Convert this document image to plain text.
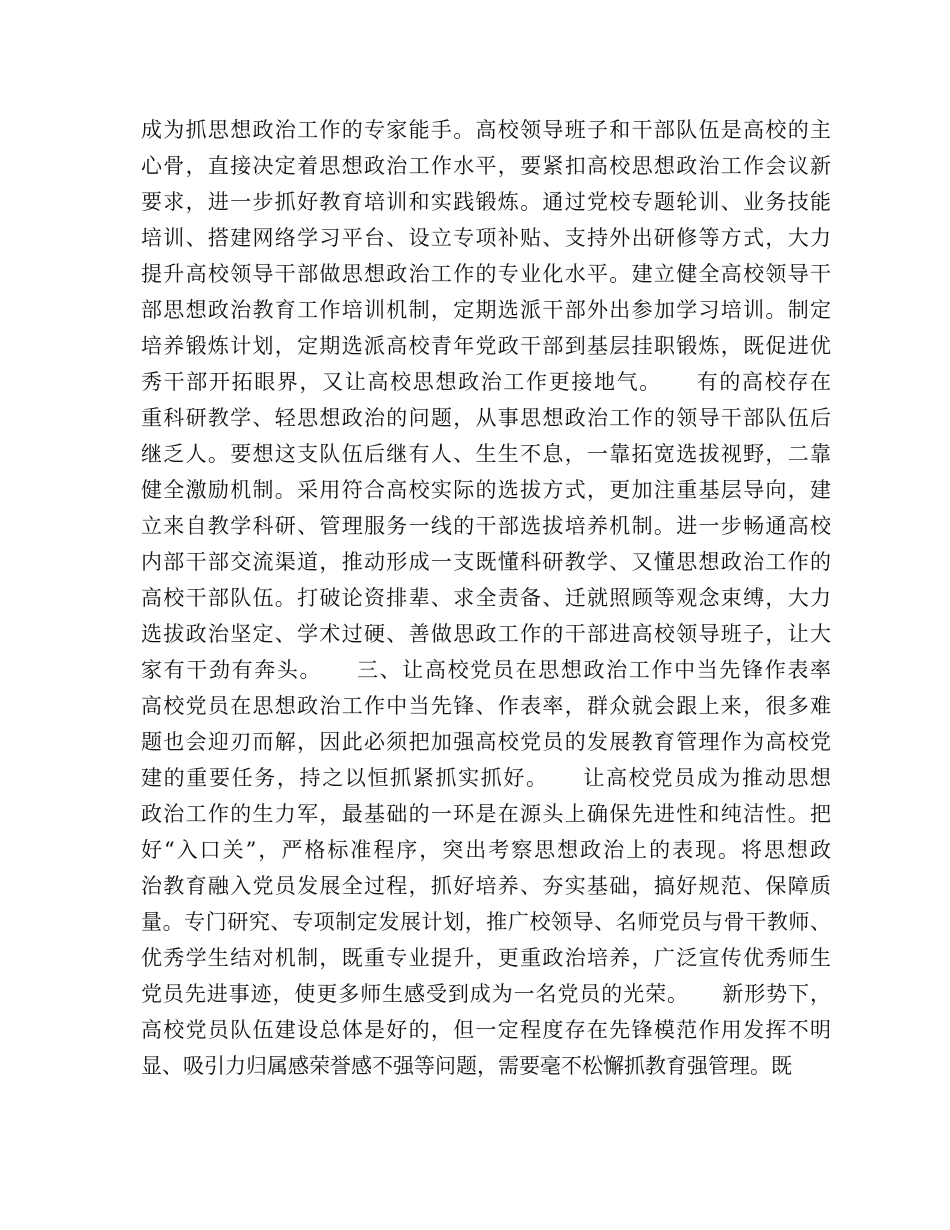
成为抓思想政治工作的专家能手。高校领导班子和干部队伍是高校的主
心骨，直接决定着思想政治工作水平，要紧扣高校思想政治工作会议新
要求，进一步抓好教育培训和实践锻炼。通过党校专题轮训、业务技能
培训、搭建网络学习平台、设立专项补贴、支持外出研修等方式，大力
提升高校领导干部做思想政治工作的专业化水平。建立健全高校领导干
部思想政治教育工作培训机制，定期选派干部外出参加学习培训。制定
培养锻炼计划，定期选派高校青年党政干部到基层挂职锻炼，既促进优
秀干部开拓眼界，又让高校思想政治工作更接地气。　　有的高校存在
重科研教学、轻思想政治的问题，从事思想政治工作的领导干部队伍后
继乏人。要想这支队伍后继有人、生生不息，一靠拓宽选拔视野，二靠
健全激励机制。采用符合高校实际的选拔方式，更加注重基层导向，建
立来自教学科研、管理服务一线的干部选拔培养机制。进一步畅通高校
内部干部交流渠道，推动形成一支既懂科研教学、又懂思想政治工作的
高校干部队伍。打破论资排辈、求全责备、迁就照顾等观念束缚，大力
选拔政治坚定、学术过硬、善做思政工作的干部进高校领导班子，让大
家有干劲有奔头。　　三、让高校党员在思想政治工作中当先锋作表率
高校党员在思想政治工作中当先锋、作表率，群众就会跟上来，很多难
题也会迎刃而解，因此必须把加强高校党员的发展教育管理作为高校党
建的重要任务，持之以恒抓紧抓实抓好。　　让高校党员成为推动思想
政治工作的生力军，最基础的一环是在源头上确保先进性和纯洁性。把
好“入口关”，严格标准程序，突出考察思想政治上的表现。将思想政
治教育融入党员发展全过程，抓好培养、夯实基础，搞好规范、保障质
量。专门研究、专项制定发展计划，推广校领导、名师党员与骨干教师、
优秀学生结对机制，既重专业提升，更重政治培养，广泛宣传优秀师生
党员先进事迹，使更多师生感受到成为一名党员的光荣。　　新形势下，
高校党员队伍建设总体是好的，但一定程度存在先锋模范作用发挥不明
显、吸引力归属感荣誉感不强等问题，需要毫不松懈抓教育强管理。既
